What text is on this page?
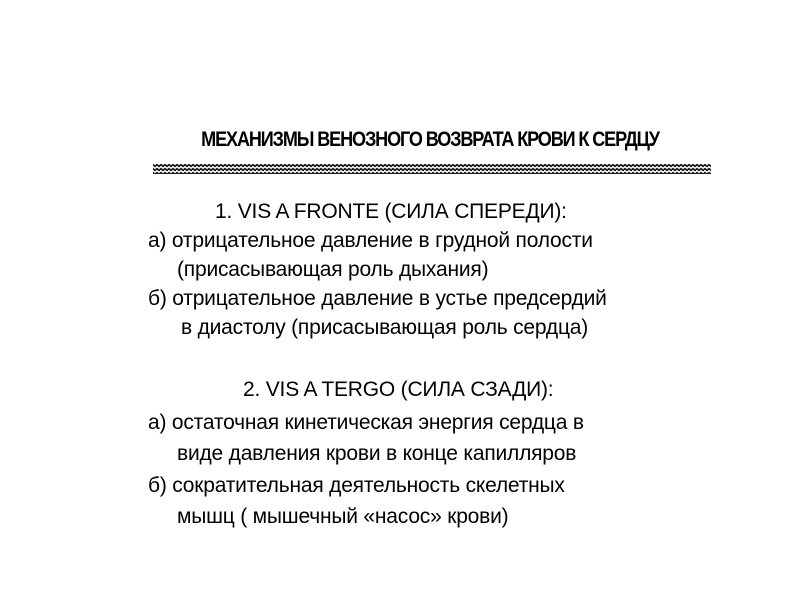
МЕХАНИЗМЫ ВЕНОЗНОГО ВОЗВРАТА КРОВИ К СЕРДЦУ
1. VIS A FRONTE (СИЛА СПЕРЕДИ):
а) отрицательное давление в грудной полости
(присасывающая роль дыхания)
б) отрицательное давление в устье предсердий
в диастолу (присасывающая роль сердца)
2. VIS A TERGO (СИЛА СЗАДИ):
а) остаточная кинетическая энергия сердца в
виде давления крови в конце капилляров
б) сократительная деятельность скелетных
мышц ( мышечный «насос» крови)
